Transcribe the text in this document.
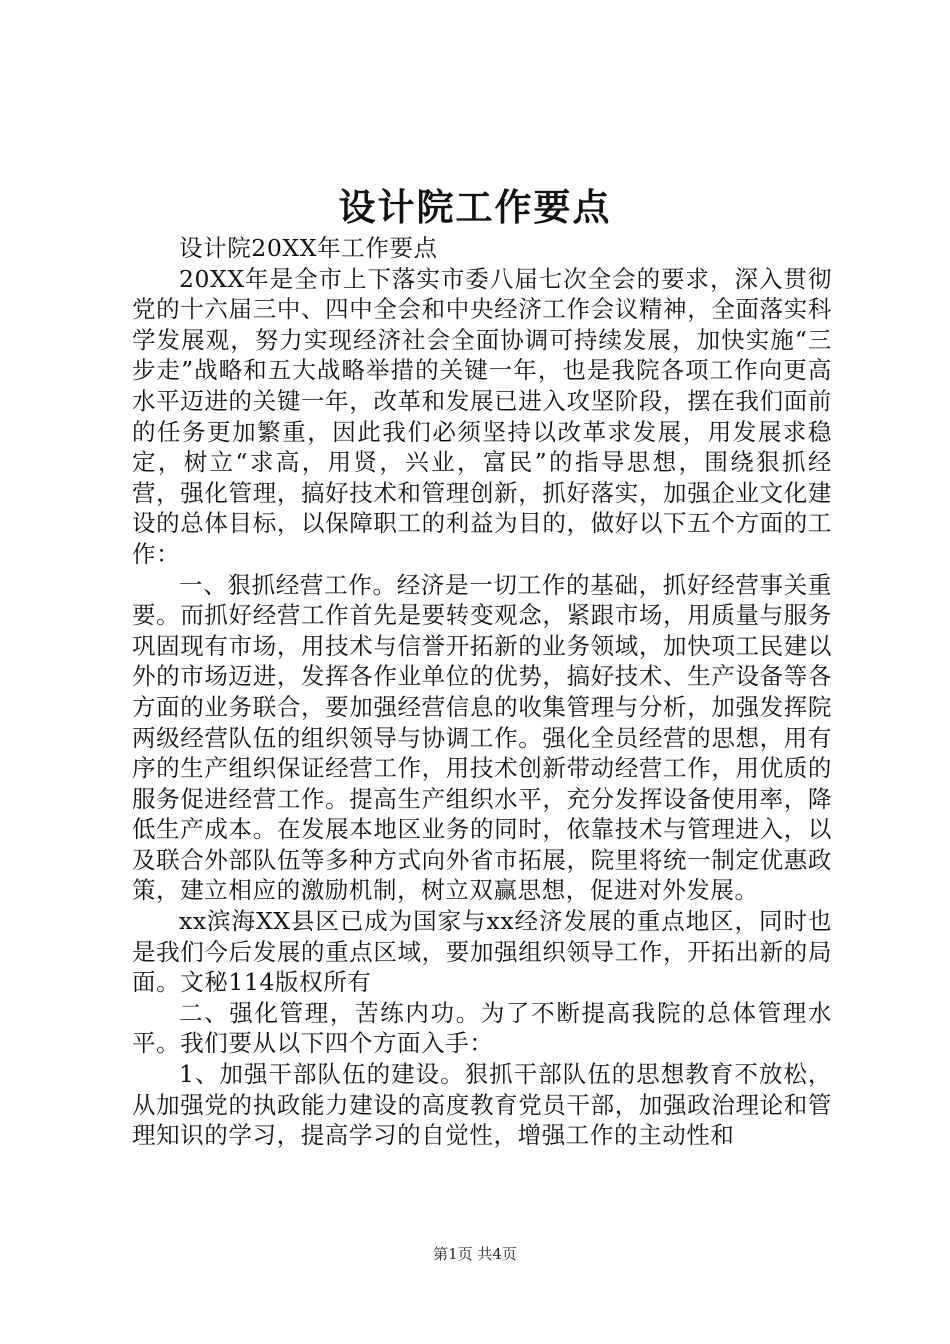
设计院工作要点

设计院20XX年工作要点

20XX年是全市上下落实市委八届七次全会的要求，深入贯彻党的十六届三中、四中全会和中央经济工作会议精神，全面落实科学发展观，努力实现经济社会全面协调可持续发展，加快实施“三步走”战略和五大战略举措的关键一年，也是我院各项工作向更高水平迈进的关键一年，改革和发展已进入攻坚阶段，摆在我们面前的任务更加繁重，因此我们必须坚持以改革求发展，用发展求稳定，树立“求高，用贤，兴业，富民”的指导思想，围绕狠抓经营，强化管理，搞好技术和管理创新，抓好落实，加强企业文化建设的总体目标，以保障职工的利益为目的，做好以下五个方面的工作：

一、狠抓经营工作。经济是一切工作的基础，抓好经营事关重要。而抓好经营工作首先是要转变观念，紧跟市场，用质量与服务巩固现有市场，用技术与信誉开拓新的业务领域，加快项工民建以外的市场迈进，发挥各作业单位的优势，搞好技术、生产设备等各方面的业务联合，要加强经营信息的收集管理与分析，加强发挥院两级经营队伍的组织领导与协调工作。强化全员经营的思想，用有序的生产组织保证经营工作，用技术创新带动经营工作，用优质的服务促进经营工作。提高生产组织水平，充分发挥设备使用率，降低生产成本。在发展本地区业务的同时，依靠技术与管理进入，以及联合外部队伍等多种方式向外省市拓展，院里将统一制定优惠政策，建立相应的激励机制，树立双赢思想，促进对外发展。

xx滨海XX县区已成为国家与xx经济发展的重点地区，同时也是我们今后发展的重点区域，要加强组织领导工作，开拓出新的局面。文秘114版权所有

二、强化管理，苦练内功。为了不断提高我院的总体管理水平。我们要从以下四个方面入手：

1、加强干部队伍的建设。狠抓干部队伍的思想教育不放松，从加强党的执政能力建设的高度教育党员干部，加强政治理论和管理知识的学习，提高学习的自觉性，增强工作的主动性和

第1页 共4页
